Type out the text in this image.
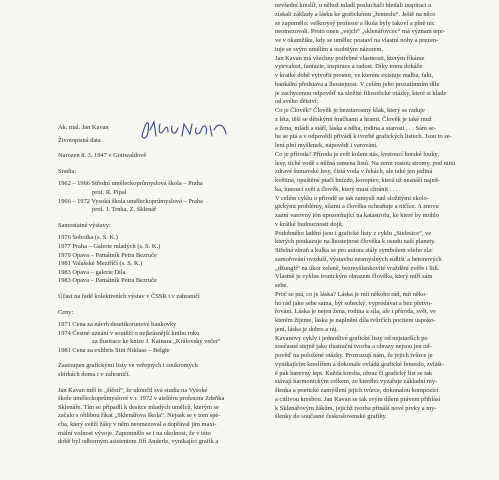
Ak. mal. Jan Kavan
Životopisná data
Narozen 8. 3. 1947 v Gottwaldově
Studia:
1962 – 1966 Střední uměleckoprůmyslová škola – Praha
prof. R. Pipal
1966 – 1972 Vysoká škola uměleckoprůmyslová – Praha
prof. J. Trnka, Z. Sklenář
Samostatné výstavy:
1976 Sobotka (s. S. K.)
1977 Praha – Galerie mladých (s. S. K.)
1979 Opava – Památník Petra Bezruče
1981 Valašské Meziříčí (s. S. K.)
1983 Opava – galerie Dila
1983 Opava – Památník Petra Bezruče
Účast na řadě kolektivních výstav v ČSSR i v zahraničí
Ceny:
1971 Cena za návrh desetikorunové bankovky
1974 Čestné uznání v soutěži o nejkrásnější knihu roku
za ilustrace ke knize J. Kainara „Královský večer“
1981 Cena za exlibris Sint Niklaas – Belgie
Zastoupen grafickými listy ve veřejných i soukromých
sbírkách doma i v zahraničí.
Jan Kavan měl to „štěstí“, že ukončil svá studia na Vysoké
škole uměleckoprůmyslové v r. 1972 v atelíéru profesora Zdeňka
Sklenáře. Tím se připadlí k desítce mladých umělců, kterým se
začalo s oblibou říkat „Sklenářova škola“. Nejsak se v tom spé-
cha, který svěží žáky v něm neomezoval a dopřával jim maxi-
mální volnost vývoje. Zapomnělo se i na okolnost, že v této
době byl odborným asistentem Jiří Anderle, vynikající grafik a
nevšední kreslíř, u něhož mladí posluchači hledali inspiraci a
získali základy a lásku ke grafickému „řemeslu“. Ještě na něco
se zapomělo: velkorysý profesor a škola byly takoví a plně nic
neomezovali. Proto onen „vejch“ „sklenářovcec“ má význam tepr-
ve v okamžiku, kdy se umělec postaví na vlastní nohy a prezen-
tuje se svým umělím a osobitým názorem.
Jan Kavan má všechny potřebné vlastnosti, kterým říkáme
vytrvalost, fantazie, inspirace a radost. Díky tomu dokáže
v kratké době vytvořit prostor, ve kterém existuje malba, fakt,
bankální představa a lhostejnost. V celém jeho prozatímním díle
je zachycenou odpověď na složité filosofické otázky, které si klade
od svého dětství:
Co je Člověk? Člověk je bezstarostný klak, který se raduje
z léta, těší se dětskými hračkami a hrami. Člověk je také muž
a žena, mládí a stáří, láska a něha, rodina a starosti . . . Sám se-
be se ptá a v odpovědi přivádí k tvorbě grafických listech. Jsou to se-
lení plní myšlenek, nápovědí i varování.
Co je příroda? Příroda je svět kolem nás, kvetoucí horské louky,
lesy, tiché vodě s něžná ramena listů. Na zemi rostou stromy, pod nimi
zdravé šumavské lesy, čistá voda v řekách, ale také jen jediná
květina, opuštěné ptačí hnízdo, koroptev, která už nesnáší najed-
ka, lunoucí svět a člověk, který musí chránit . . .
V celém cyklu o přírodě se tak zamyslí nad složitými ekolo-
gickými problémy, sílami a člověka ochraňuje a ničíce. A znovu
zazní varovný tón upozorňující na katastrofu, ke které by mohlo
v krátké budoucnosti dojít.
Podobného ladění jsou i grafické listy z cyklu „Stelesice“, ve
kterých poukazuje na lhostejnost člověka k osudu naší planety.
Střelná zbraň a kulka se pro autora stály symbolem všeho zla:
zamořování ovzduší, výstavbu nesmyslných sídlišť a betonových
„džunglí“ na úkor zeleně, bezmyšlenkovité vraždění zvěře i lidí.
Vlastně je cyklus ironickým obrazem člověka, který míří sám
sebe.
Proč se ptá, co je láska? Láska je mít někoho rád, mít něko-
ho rád jako sebe sama, být sobecký, vyprodávat a bez přetvo-
řování. Láska je nejen žena, rodina a síla, ale i příroda, svět, ve
kterém žijeme, láska je naplnění díla tvůrčích pocitem uspoko-
jení, láska je dobro a ráj.
Kavanovy cykly i jednotlivé grafické listy od nejstarších po
současné stejně jako ilustrační tvorba a obrazy nejsou jen od-
pověď na položené otázky. Prozrazují nám, že jejich tvůrce je
vynikajícím kreslířem a dokonale ovládá grafické řemeslo, zvlášt-
ě pak barevný lept. Každá kresba, obraz či grafický list se tak
stávají harmonickým celkem, ze kterého vyzařuje základní my-
šlenka a poetické zamýšlení jejich tvůrce, dokonalou kompozicí
a citlivou kresbou. Jan Kavan se tak svým dílem právem přihlásí
k Sklenářovým žákům, jejichž tvorba přináší nové prvky a my-
šlenky do současné československé grafiky.
